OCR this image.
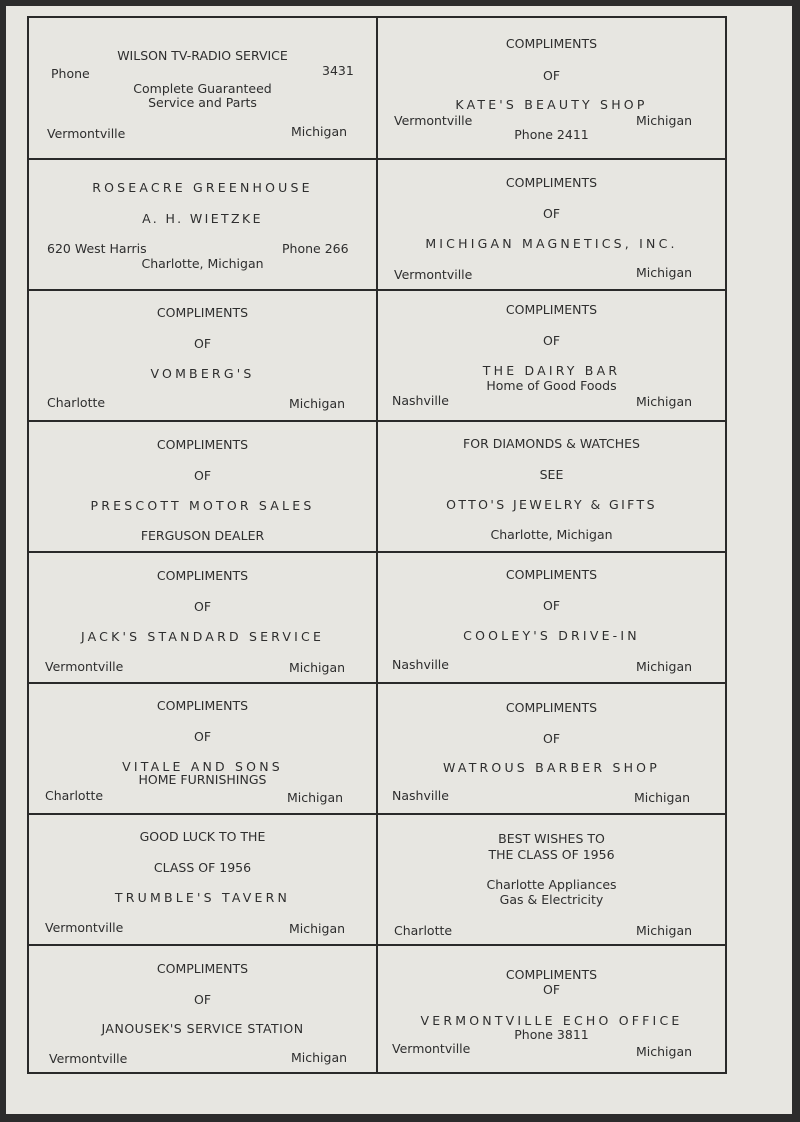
WILSON TV-RADIO SERVICE
Phone	3431
Complete Guaranteed
Service and Parts
Vermontville	Michigan
COMPLIMENTS
OF
KATE'S BEAUTY SHOP
Vermontville	Michigan
Phone 2411
ROSEACRE GREENHOUSE
A. H. WIETZKE
620 West Harris	Phone 266
Charlotte, Michigan
COMPLIMENTS
OF
MICHIGAN MAGNETICS, INC.
Vermontville	Michigan
COMPLIMENTS
OF
VOMBERG'S
Charlotte	Michigan
COMPLIMENTS
OF
THE DAIRY BAR
Home of Good Foods
Nashville	Michigan
COMPLIMENTS
OF
PRESCOTT MOTOR SALES
FERGUSON DEALER
FOR DIAMONDS & WATCHES
SEE
OTTO'S JEWELRY & GIFTS
Charlotte, Michigan
COMPLIMENTS
OF
JACK'S STANDARD SERVICE
Vermontville	Michigan
COMPLIMENTS
OF
COOLEY'S DRIVE-IN
Nashville	Michigan
COMPLIMENTS
OF
VITALE AND SONS
HOME FURNISHINGS
Charlotte	Michigan
COMPLIMENTS
OF
WATROUS BARBER SHOP
Nashville	Michigan
GOOD LUCK TO THE
CLASS OF 1956
TRUMBLE'S TAVERN
Vermontville	Michigan
BEST WISHES TO
THE CLASS OF 1956
Charlotte Appliances
Gas & Electricity
Charlotte	Michigan
COMPLIMENTS
OF
JANOUSEK'S SERVICE STATION
Vermontville	Michigan
COMPLIMENTS
OF
VERMONTVILLE ECHO OFFICE
Phone 3811
Vermontville	Michigan
